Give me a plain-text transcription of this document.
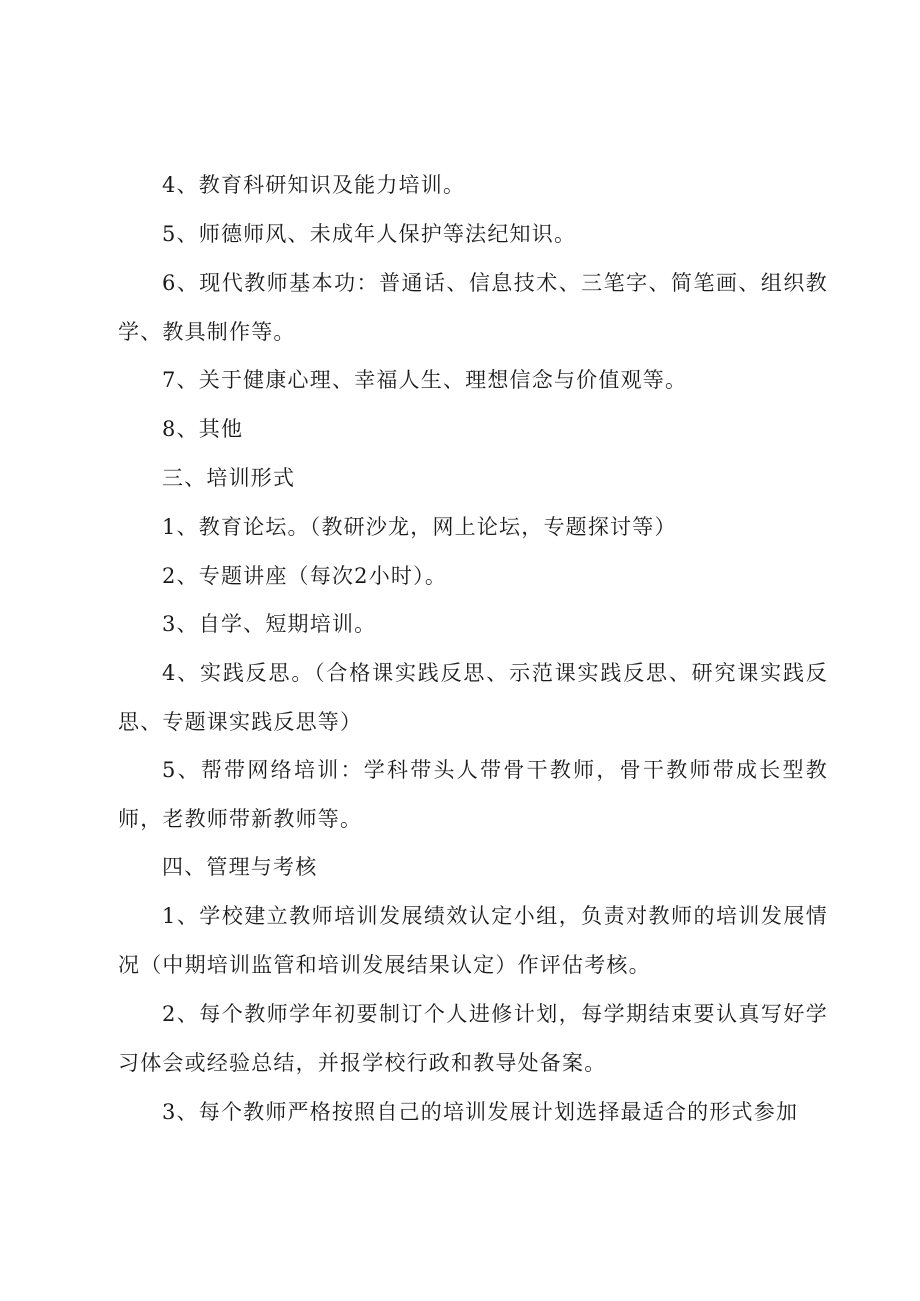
4、教育科研知识及能力培训。

5、师德师风、未成年人保护等法纪知识。

6、现代教师基本功：普通话、信息技术、三笔字、简笔画、组织教学、教具制作等。

7、关于健康心理、幸福人生、理想信念与价值观等。

8、其他

三、培训形式

1、教育论坛。（教研沙龙，网上论坛，专题探讨等）

2、专题讲座（每次2小时）。

3、自学、短期培训。

4、实践反思。（合格课实践反思、示范课实践反思、研究课实践反思、专题课实践反思等）

5、帮带网络培训：学科带头人带骨干教师，骨干教师带成长型教师，老教师带新教师等。

四、管理与考核

1、学校建立教师培训发展绩效认定小组，负责对教师的培训发展情况（中期培训监管和培训发展结果认定）作评估考核。

2、每个教师学年初要制订个人进修计划，每学期结束要认真写好学习体会或经验总结，并报学校行政和教导处备案。

3、每个教师严格按照自己的培训发展计划选择最适合的形式参加
